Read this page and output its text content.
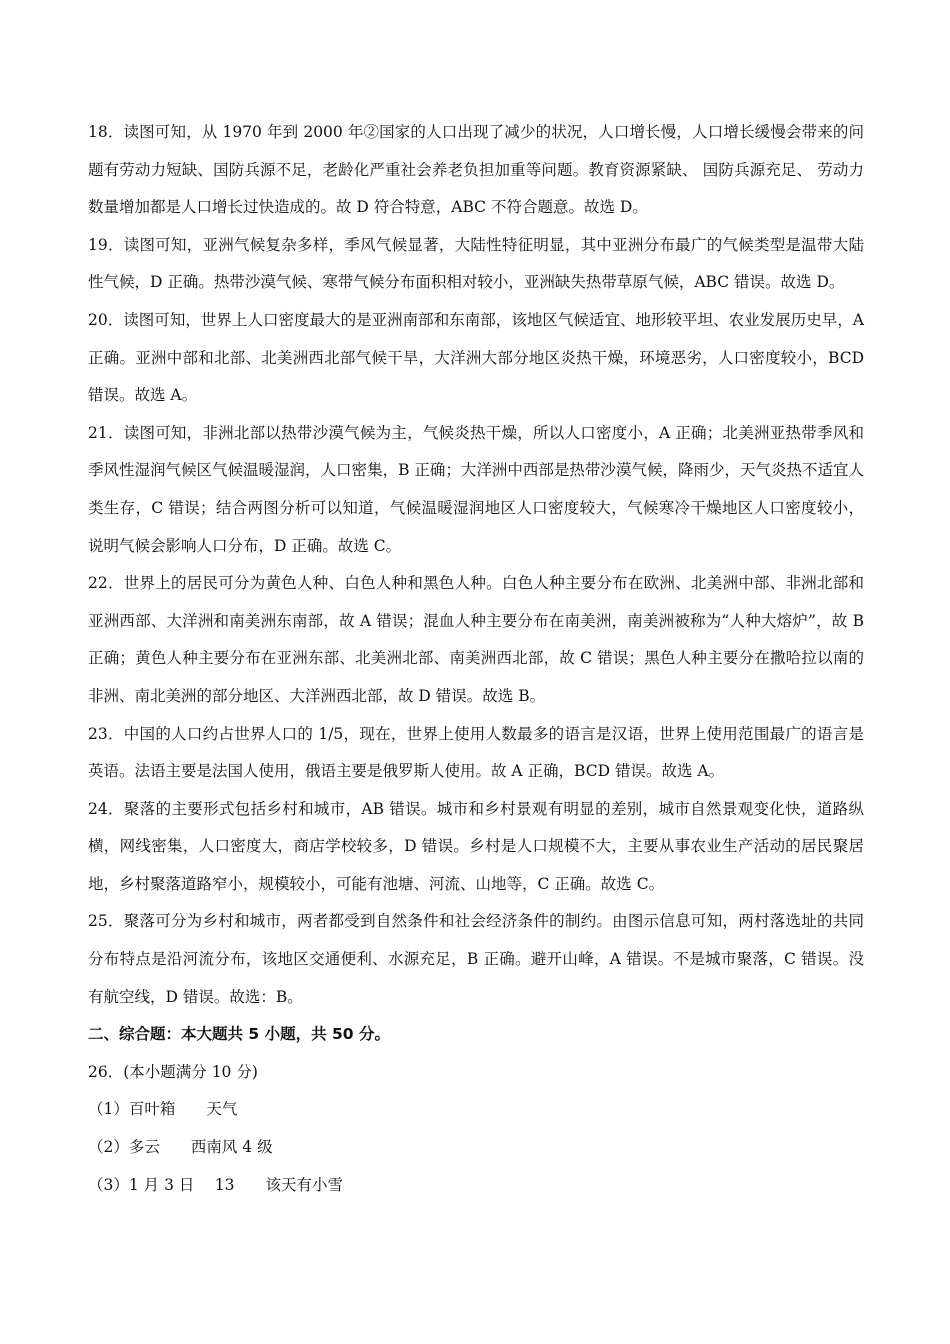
18．读图可知，从 1970 年到 2000 年②国家的人口出现了减少的状况，人口增长慢，人口增长缓慢会带来的问题有劳动力短缺、国防兵源不足，老龄化严重社会养老负担加重等问题。教育资源紧缺、 国防兵源充足、 劳动力数量增加都是人口增长过快造成的。故 D 符合特意，ABC 不符合题意。故选 D。

19．读图可知，亚洲气候复杂多样，季风气候显著，大陆性特征明显，其中亚洲分布最广的气候类型是温带大陆性气候，D 正确。热带沙漠气候、寒带气候分布面积相对较小，亚洲缺失热带草原气候，ABC 错误。故选 D。

20．读图可知，世界上人口密度最大的是亚洲南部和东南部，该地区气候适宜、地形较平坦、农业发展历史早，A 正确。亚洲中部和北部、北美洲西北部气候干旱，大洋洲大部分地区炎热干燥，环境恶劣，人口密度较小，BCD 错误。故选 A。

21．读图可知，非洲北部以热带沙漠气候为主，气候炎热干燥，所以人口密度小，A 正确；北美洲亚热带季风和季风性湿润气候区气候温暖湿润，人口密集，B 正确；大洋洲中西部是热带沙漠气候，降雨少，天气炎热不适宜人类生存，C 错误；结合两图分析可以知道，气候温暖湿润地区人口密度较大，气候寒冷干燥地区人口密度较小，说明气候会影响人口分布，D 正确。故选 C。

22．世界上的居民可分为黄色人种、白色人种和黑色人种。白色人种主要分布在欧洲、北美洲中部、非洲北部和亚洲西部、大洋洲和南美洲东南部，故 A 错误；混血人种主要分布在南美洲，南美洲被称为“人种大熔炉”，故 B 正确；黄色人种主要分布在亚洲东部、北美洲北部、南美洲西北部，故 C 错误；黑色人种主要分在撒哈拉以南的非洲、南北美洲的部分地区、大洋洲西北部，故 D 错误。故选 B。

23．中国的人口约占世界人口的 1/5，现在，世界上使用人数最多的语言是汉语，世界上使用范围最广的语言是英语。法语主要是法国人使用，俄语主要是俄罗斯人使用。故 A 正确，BCD 错误。故选 A。

24．聚落的主要形式包括乡村和城市，AB 错误。城市和乡村景观有明显的差别，城市自然景观变化快，道路纵横，网线密集，人口密度大，商店学校较多，D 错误。乡村是人口规模不大，主要从事农业生产活动的居民聚居地，乡村聚落道路窄小，规模较小，可能有池塘、河流、山地等，C 正确。故选 C。

25．聚落可分为乡村和城市，两者都受到自然条件和社会经济条件的制约。由图示信息可知，两村落选址的共同分布特点是沿河流分布，该地区交通便利、水源充足，B 正确。避开山峰，A 错误。不是城市聚落，C 错误。没有航空线，D 错误。故选：B。

二、综合题：本大题共 5 小题，共 50 分。

26．(本小题满分 10 分)

（1）百叶箱　　天气

（2）多云　　西南风 4 级

（3）1 月 3 日　 13　　该天有小雪
